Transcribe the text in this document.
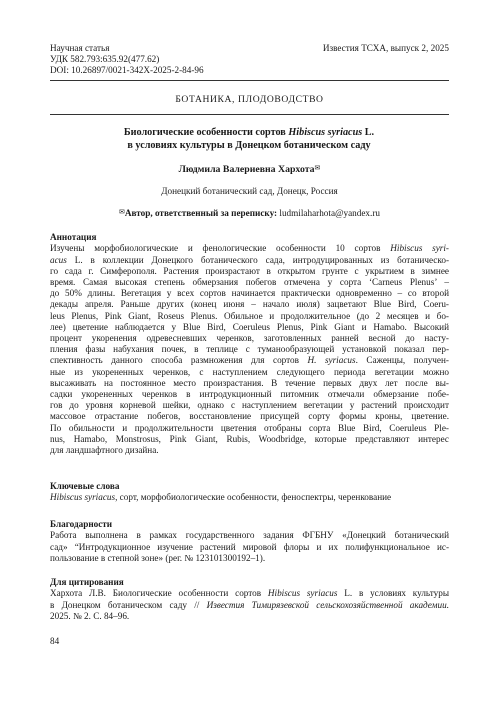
Научная статья
УДК 582.793:635.92(477.62)
DOI: 10.26897/0021-342X-2025-2-84-96
Известия ТСХА, выпуск 2, 2025
БОТАНИКА, ПЛОДОВОДСТВО
Биологические особенности сортов Hibiscus syriacus L.
в условиях культуры в Донецком ботаническом саду
Людмила Валериевна Хархота✉
Донецкий ботанический сад, Донецк, Россия
✉Автор, ответственный за переписку: ludmilaharhota@yandex.ru
Аннотация
Изучены морфобиологические и фенологические особенности 10 сортов Hibiscus syri-
acus L. в коллекции Донецкого ботанического сада, интродуцированных из ботаническо-
го сада г. Симферополя. Растения произрастают в открытом грунте с укрытием в зимнее
время. Самая высокая степень обмерзания побегов отмечена у сорта ‘Carneus Plenus’ –
до 50% длины. Вегетация у всех сортов начинается практически одновременно – со второй
декады апреля. Раньше других (конец июня – начало июля) зацветают Blue Bird, Coeru-
leus Plenus, Pink Giant, Roseus Plenus. Обильное и продолжительное (до 2 месяцев и бо-
лее) цветение наблюдается у Blue Bird, Coeruleus Plenus, Pink Giant и Hamabo. Высокий
процент укоренения одревесневших черенков, заготовленных ранней весной до насту-
пления фазы набухания почек, в теплице с туманообразующей установкой показал пер-
спективность данного способа размножения для сортов H. syriacus. Саженцы, получен-
ные из укорененных черенков, с наступлением следующего периода вегетации можно
высаживать на постоянное место произрастания. В течение первых двух лет после вы-
садки укорененных черенков в интродукционный питомник отмечали обмерзание побе-
гов до уровня корневой шейки, однако с наступлением вегетации у растений происходит
массовое отрастание побегов, восстановление присущей сорту формы кроны, цветение.
По обильности и продолжительности цветения отобраны сорта Blue Bird, Coeruleus Ple-
nus, Hamabo, Monstrosus, Pink Giant, Rubis, Woodbridge, которые представляют интерес
для ландшафтного дизайна.
Ключевые слова

Hibiscus syriacus, сорт, морфобиологические особенности, феноспектры, черенкование

Благодарности
Работа выполнена в рамках государственного задания ФГБНУ «Донецкий ботанический
сад» “Интродукционное изучение растений мировой флоры и их полифункциональное ис-
пользование в степной зоне» (рег. № 123101300192–1).
Для цитирования
Хархота Л.В. Биологические особенности сортов Hibiscus syriacus L. в условиях культуры
в Донецком ботаническом саду // Известия Тимирязевской сельскохозяйственной академии.
2025. № 2. С. 84–96.
84
